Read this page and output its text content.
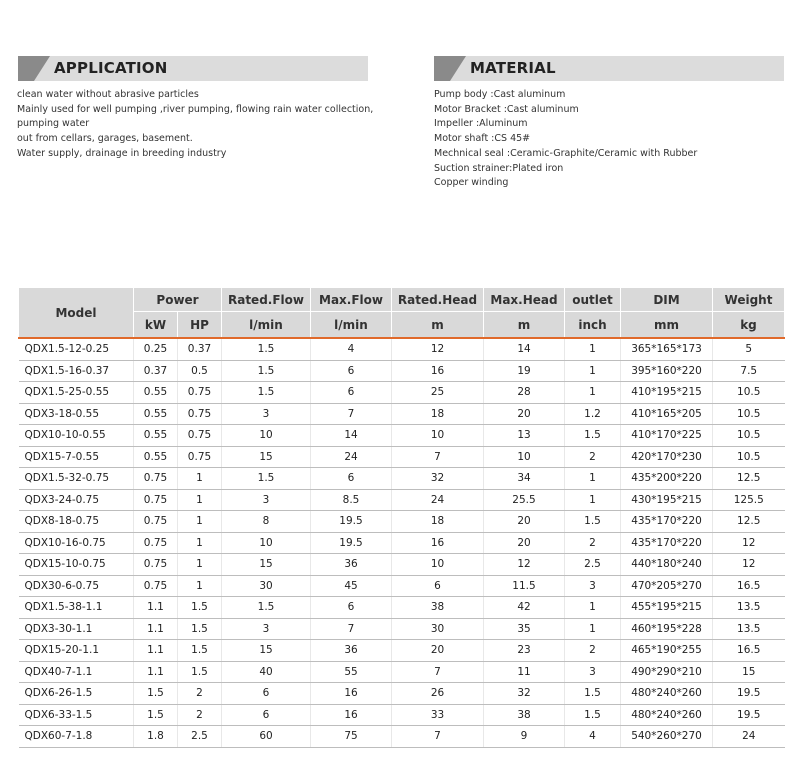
APPLICATION	MATERIAL
clean water without abrasive particles
Mainly used for well pumping ,river pumping, flowing rain water collection,
pumping water
out from cellars, garages, basement.
Water supply, drainage in breeding industry
Pump body :Cast aluminum
Motor Bracket :Cast aluminum
Impeller :Aluminum
Motor shaft :CS 45#
Mechnical seal :Ceramic-Graphite/Ceramic with Rubber
Suction strainer:Plated iron
Copper winding
Model	Power		Rated.Flow	Max.Flow	Rated.Head	Max.Head	outlet	DIM	Weight
	kW	HP	l/min	l/min	m	m	inch	mm	kg
QDX1.5-12-0.25	0.25	0.37	1.5	4	12	14	1	365*165*173	5
QDX1.5-16-0.37	0.37	0.5	1.5	6	16	19	1	395*160*220	7.5
QDX1.5-25-0.55	0.55	0.75	1.5	6	25	28	1	410*195*215	10.5
QDX3-18-0.55	0.55	0.75	3	7	18	20	1.2	410*165*205	10.5
QDX10-10-0.55	0.55	0.75	10	14	10	13	1.5	410*170*225	10.5
QDX15-7-0.55	0.55	0.75	15	24	7	10	2	420*170*230	10.5
QDX1.5-32-0.75	0.75	1	1.5	6	32	34	1	435*200*220	12.5
QDX3-24-0.75	0.75	1	3	8.5	24	25.5	1	430*195*215	125.5
QDX8-18-0.75	0.75	1	8	19.5	18	20	1.5	435*170*220	12.5
QDX10-16-0.75	0.75	1	10	19.5	16	20	2	435*170*220	12
QDX15-10-0.75	0.75	1	15	36	10	12	2.5	440*180*240	12
QDX30-6-0.75	0.75	1	30	45	6	11.5	3	470*205*270	16.5
QDX1.5-38-1.1	1.1	1.5	1.5	6	38	42	1	455*195*215	13.5
QDX3-30-1.1	1.1	1.5	3	7	30	35	1	460*195*228	13.5
QDX15-20-1.1	1.1	1.5	15	36	20	23	2	465*190*255	16.5
QDX40-7-1.1	1.1	1.5	40	55	7	11	3	490*290*210	15
QDX6-26-1.5	1.5	2	6	16	26	32	1.5	480*240*260	19.5
QDX6-33-1.5	1.5	2	6	16	33	38	1.5	480*240*260	19.5
QDX60-7-1.8	1.8	2.5	60	75	7	9	4	540*260*270	24
